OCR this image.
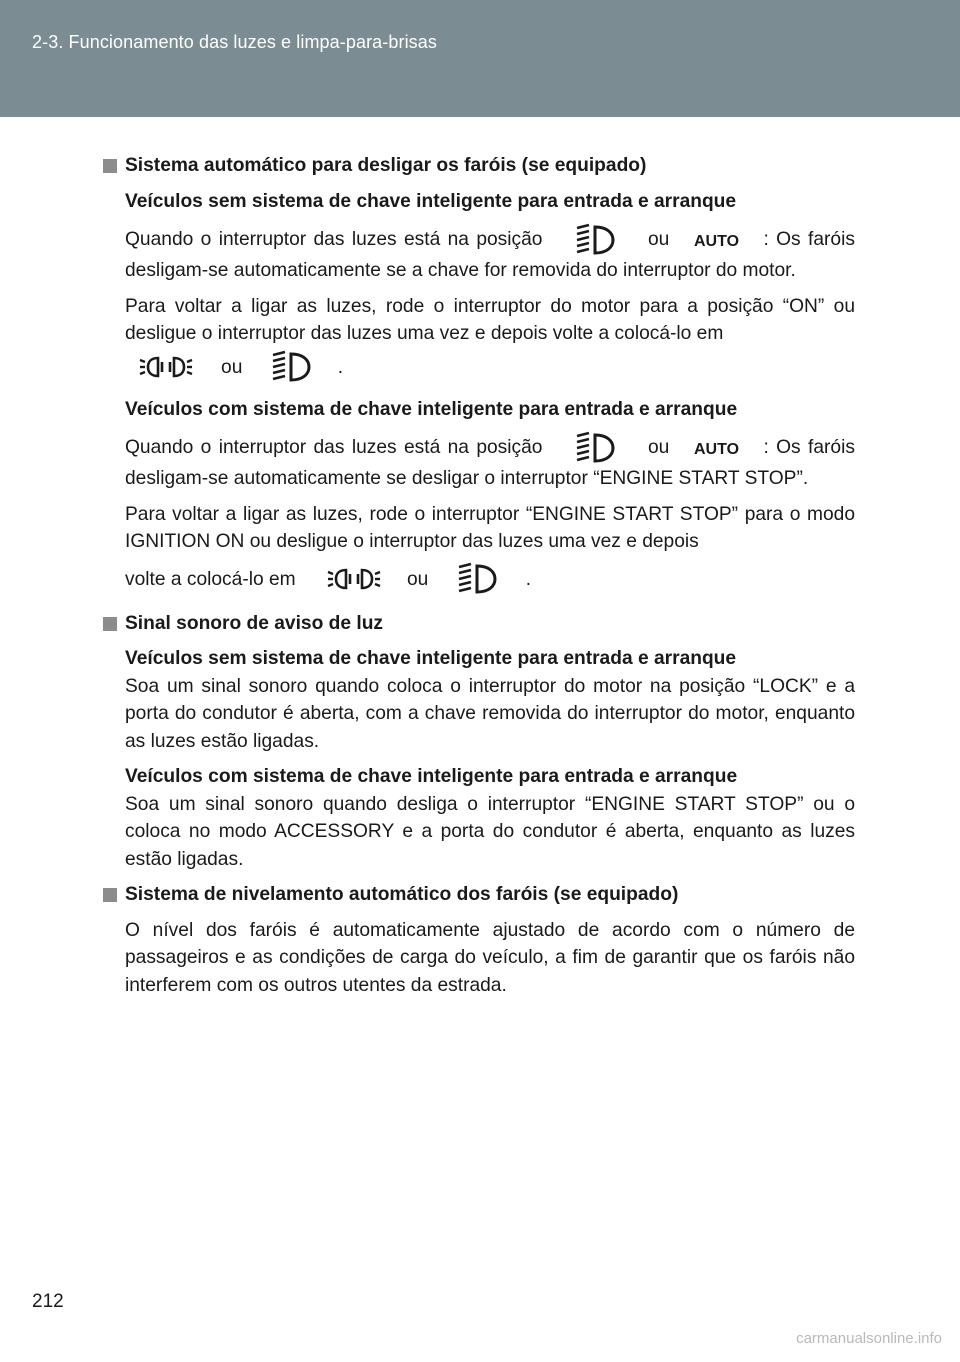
2-3. Funcionamento das luzes e limpa-para-brisas
Sistema automático para desligar os faróis (se equipado)
Veículos sem sistema de chave inteligente para entrada e arranque

Quando o interruptor das luzes está na posição	ou AUTO : Os faróis desligam-se automaticamente se a chave for removida do interruptor do motor.

Para voltar a ligar as luzes, rode o interruptor do motor para a posição “ON” ou desligue o interruptor das luzes uma vez e depois volte a colocá-lo em

ou	.
Veículos com sistema de chave inteligente para entrada e arranque

Quando o interruptor das luzes está na posição	ou AUTO : Os faróis desligam-se automaticamente se desligar o interruptor “ENGINE START STOP”.

Para voltar a ligar as luzes, rode o interruptor “ENGINE START STOP” para o modo IGNITION ON ou desligue o interruptor das luzes uma vez e depois

volte a colocá-lo em	ou	.
Sinal sonoro de aviso de luz
Veículos sem sistema de chave inteligente para entrada e arranque

Soa um sinal sonoro quando coloca o interruptor do motor na posição “LOCK” e a porta do condutor é aberta, com a chave removida do interruptor do motor, enquanto as luzes estão ligadas.

Veículos com sistema de chave inteligente para entrada e arranque

Soa um sinal sonoro quando desliga o interruptor “ENGINE START STOP” ou o coloca no modo ACCESSORY e a porta do condutor é aberta, enquanto as luzes estão ligadas.

Sistema de nivelamento automático dos faróis (se equipado)

O nível dos faróis é automaticamente ajustado de acordo com o número de passageiros e as condições de carga do veículo, a fim de garantir que os faróis não interferem com os outros utentes da estrada.

212
carmanualsonline.info
